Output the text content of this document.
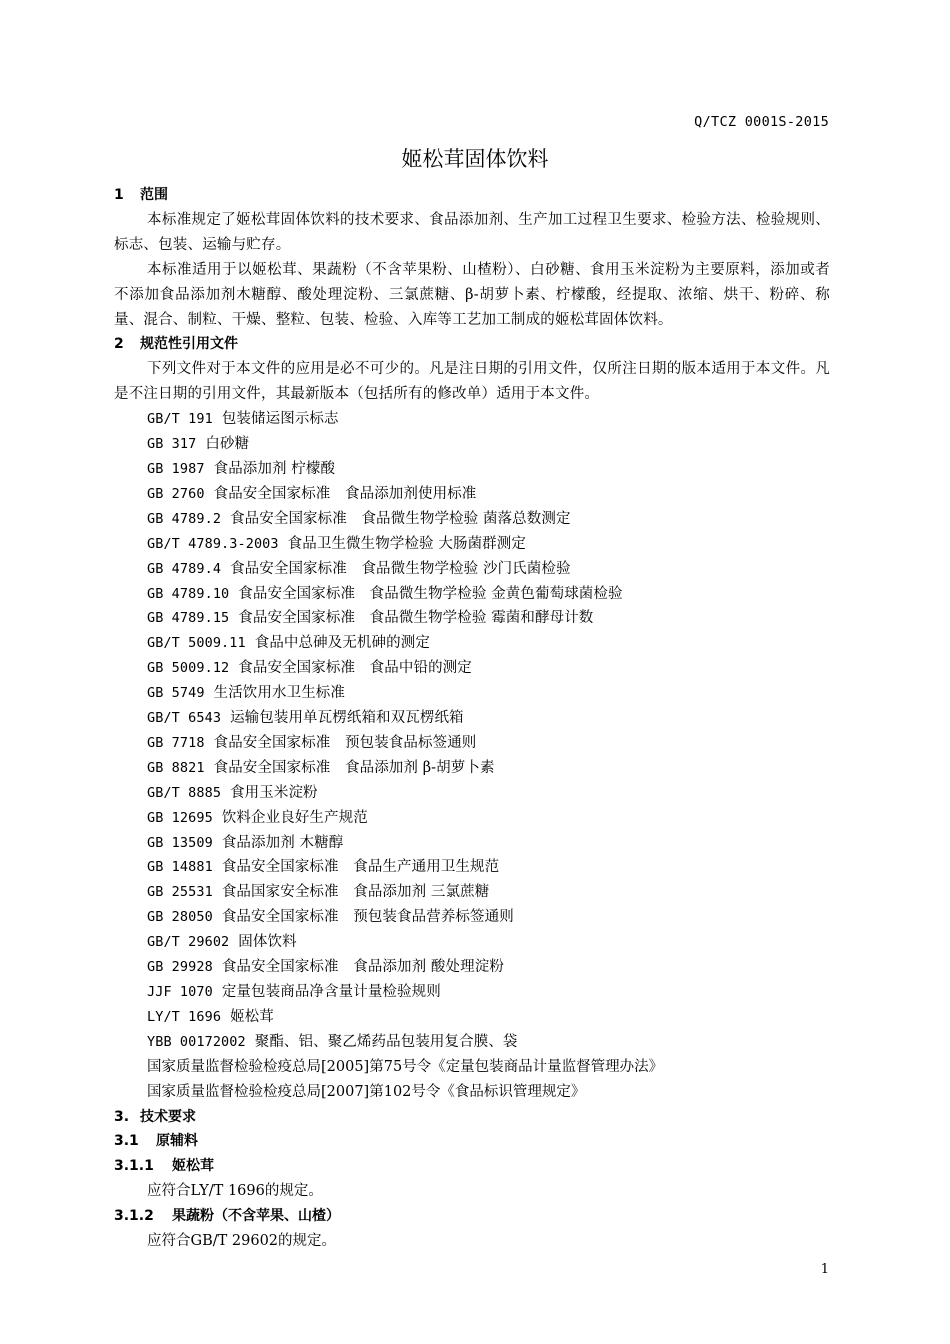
Q/TCZ 0001S-2015
姬松茸固体饮料
1 范围
本标准规定了姬松茸固体饮料的技术要求、食品添加剂、生产加工过程卫生要求、检验方法、检验规则、标志、包装、运输与贮存。
本标准适用于以姬松茸、果蔬粉（不含苹果粉、山楂粉）、白砂糖、食用玉米淀粉为主要原料，添加或者不添加食品添加剂木糖醇、酸处理淀粉、三氯蔗糖、β-胡萝卜素、柠檬酸，经提取、浓缩、烘干、粉碎、称量、混合、制粒、干燥、整粒、包装、检验、入库等工艺加工制成的姬松茸固体饮料。
2 规范性引用文件
下列文件对于本文件的应用是必不可少的。凡是注日期的引用文件，仅所注日期的版本适用于本文件。凡是不注日期的引用文件，其最新版本（包括所有的修改单）适用于本文件。
GB/T 191 包装储运图示标志
GB 317 白砂糖
GB 1987 食品添加剂 柠檬酸
GB 2760 食品安全国家标准　食品添加剂使用标准
GB 4789.2 食品安全国家标准　食品微生物学检验 菌落总数测定
GB/T 4789.3-2003 食品卫生微生物学检验 大肠菌群测定
GB 4789.4 食品安全国家标准　食品微生物学检验 沙门氏菌检验
GB 4789.10 食品安全国家标准　食品微生物学检验 金黄色葡萄球菌检验
GB 4789.15 食品安全国家标准　食品微生物学检验 霉菌和酵母计数
GB/T 5009.11 食品中总砷及无机砷的测定
GB 5009.12 食品安全国家标准　食品中铅的测定
GB 5749 生活饮用水卫生标准
GB/T 6543 运输包装用单瓦楞纸箱和双瓦楞纸箱
GB 7718 食品安全国家标准　预包装食品标签通则
GB 8821 食品安全国家标准　食品添加剂 β-胡萝卜素
GB/T 8885 食用玉米淀粉
GB 12695 饮料企业良好生产规范
GB 13509 食品添加剂 木糖醇
GB 14881 食品安全国家标准　食品生产通用卫生规范
GB 25531 食品国家安全标准　食品添加剂 三氯蔗糖
GB 28050 食品安全国家标准　预包装食品营养标签通则
GB/T 29602 固体饮料
GB 29928 食品安全国家标准　食品添加剂 酸处理淀粉
JJF 1070 定量包装商品净含量计量检验规则
LY/T 1696 姬松茸
YBB 00172002 聚酯、铝、聚乙烯药品包装用复合膜、袋
国家质量监督检验检疫总局[2005]第75号令《定量包装商品计量监督管理办法》
国家质量监督检验检疫总局[2007]第102号令《食品标识管理规定》
3. 技术要求
3.1 原辅料
3.1.1 姬松茸
应符合LY/T 1696的规定。
3.1.2 果蔬粉（不含苹果、山楂）
应符合GB/T 29602的规定。
1
